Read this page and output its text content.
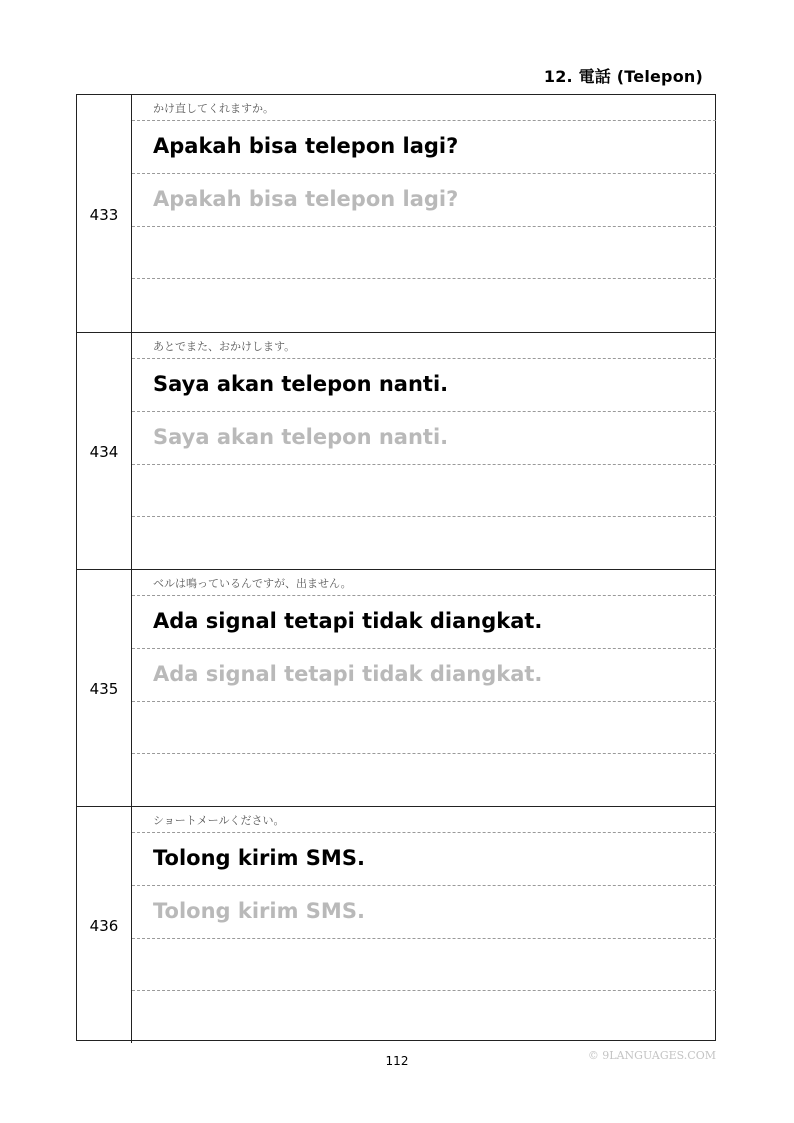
12. 電話 (Telepon)
433
かけ直してくれますか。
Apakah bisa telepon lagi?
Apakah bisa telepon lagi?
434
あとでまた、おかけします。
Saya akan telepon nanti.
Saya akan telepon nanti.
435
ベルは鳴っているんですが、出ません。
Ada signal tetapi tidak diangkat.
Ada signal tetapi tidak diangkat.
436
ショートメールください。
Tolong kirim SMS.
Tolong kirim SMS.
112	© 9LANGUAGES.COM
